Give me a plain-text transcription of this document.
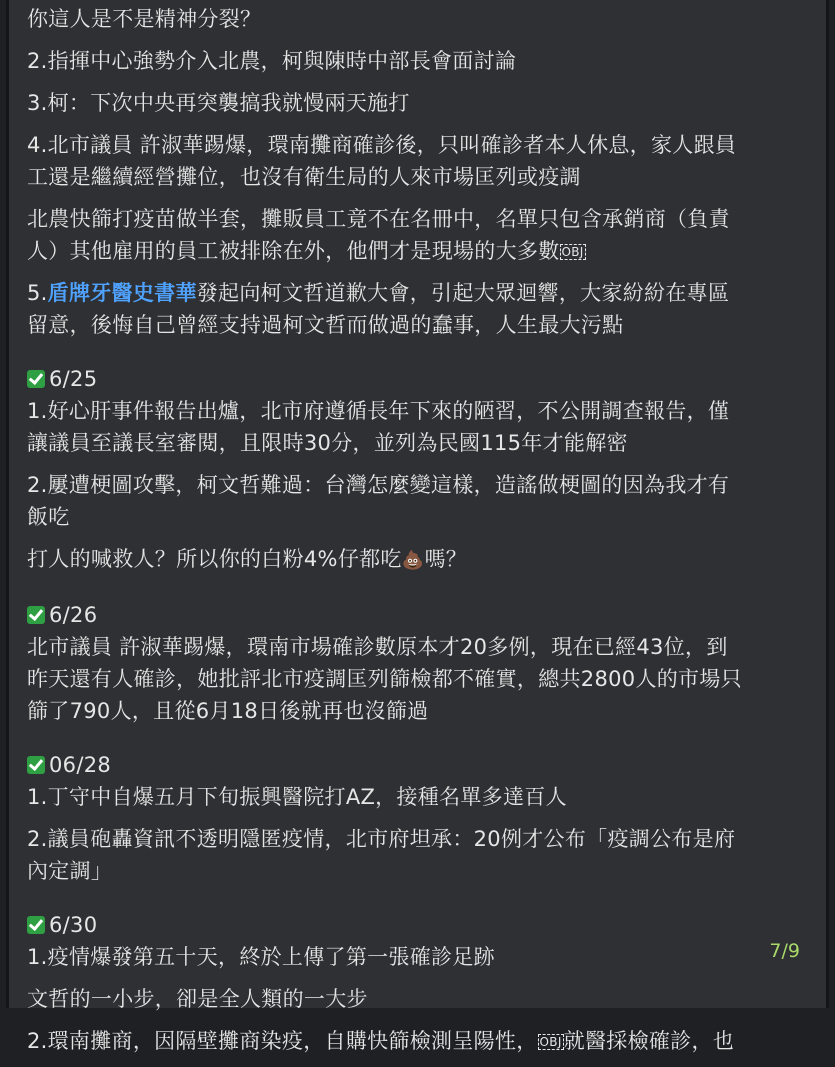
你這人是不是精神分裂？
2.指揮中心強勢介入北農，柯與陳時中部長會面討論
3.柯：下次中央再突襲搞我就慢兩天施打
4.北市議員 許淑華踢爆，環南攤商確診後，只叫確診者本人休息，家人跟員
工還是繼續經營攤位，也沒有衛生局的人來市場匡列或疫調
北農快篩打疫苗做半套，攤販員工竟不在名冊中，名單只包含承銷商（負責
人）其他雇用的員工被排除在外，他們才是現場的大多數 OBJ
5.盾牌牙醫史書華發起向柯文哲道歉大會，引起大眾迴響，大家紛紛在專區
留意，後悔自己曾經支持過柯文哲而做過的蠢事，人生最大污點
6/25
1.好心肝事件報告出爐，北市府遵循長年下來的陋習，不公開調查報告，僅
讓議員至議長室審閱，且限時30分，並列為民國115年才能解密
2.屢遭梗圖攻擊，柯文哲難過：台灣怎麼變這樣，造謠做梗圖的因為我才有
飯吃
打人的喊救人？所以你的白粉4%仔都吃💩嗎？
6/26
北市議員 許淑華踢爆，環南市場確診數原本才20多例，現在已經43位，到
昨天還有人確診，她批評北市疫調匡列篩檢都不確實，總共2800人的市場只
篩了790人，且從6月18日後就再也沒篩過
06/28
1.丁守中自爆五月下旬振興醫院打AZ，接種名單多達百人
2.議員砲轟資訊不透明隱匿疫情，北市府坦承：20例才公布「疫調公布是府
內定調」
6/30
1.疫情爆發第五十天，終於上傳了第一張確診足跡
文哲的一小步，卻是全人類的一大步
2.環南攤商，因隔壁攤商染疫，自購快篩檢測呈陽性， OBJ就醫採檢確診，也
7/9
